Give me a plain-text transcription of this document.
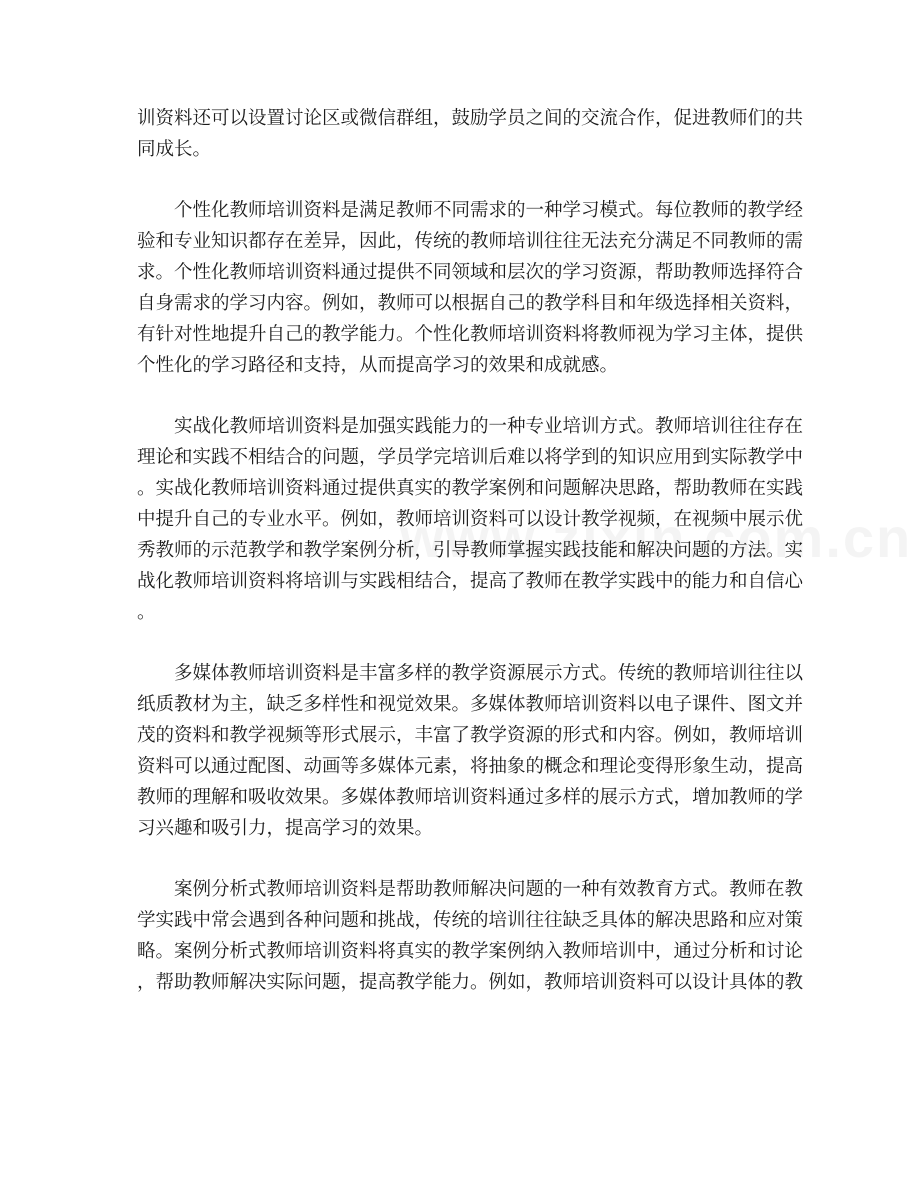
训资料还可以设置讨论区或微信群组，鼓励学员之间的交流合作，促进教师们的共
同成长。
个性化教师培训资料是满足教师不同需求的一种学习模式。每位教师的教学经
验和专业知识都存在差异，因此，传统的教师培训往往无法充分满足不同教师的需
求。个性化教师培训资料通过提供不同领域和层次的学习资源，帮助教师选择符合
自身需求的学习内容。例如，教师可以根据自己的教学科目和年级选择相关资料，
有针对性地提升自己的教学能力。个性化教师培训资料将教师视为学习主体，提供
个性化的学习路径和支持，从而提高学习的效果和成就感。
实战化教师培训资料是加强实践能力的一种专业培训方式。教师培训往往存在
理论和实践不相结合的问题，学员学完培训后难以将学到的知识应用到实际教学中
。实战化教师培训资料通过提供真实的教学案例和问题解决思路，帮助教师在实践
中提升自己的专业水平。例如，教师培训资料可以设计教学视频，在视频中展示优
秀教师的示范教学和教学案例分析，引导教师掌握实践技能和解决问题的方法。实
战化教师培训资料将培训与实践相结合，提高了教师在教学实践中的能力和自信心
。
多媒体教师培训资料是丰富多样的教学资源展示方式。传统的教师培训往往以
纸质教材为主，缺乏多样性和视觉效果。多媒体教师培训资料以电子课件、图文并
茂的资料和教学视频等形式展示，丰富了教学资源的形式和内容。例如，教师培训
资料可以通过配图、动画等多媒体元素，将抽象的概念和理论变得形象生动，提高
教师的理解和吸收效果。多媒体教师培训资料通过多样的展示方式，增加教师的学
习兴趣和吸引力，提高学习的效果。
案例分析式教师培训资料是帮助教师解决问题的一种有效教育方式。教师在教
学实践中常会遇到各种问题和挑战，传统的培训往往缺乏具体的解决思路和应对策
略。案例分析式教师培训资料将真实的教学案例纳入教师培训中，通过分析和讨论
，帮助教师解决实际问题，提高教学能力。例如，教师培训资料可以设计具体的教
